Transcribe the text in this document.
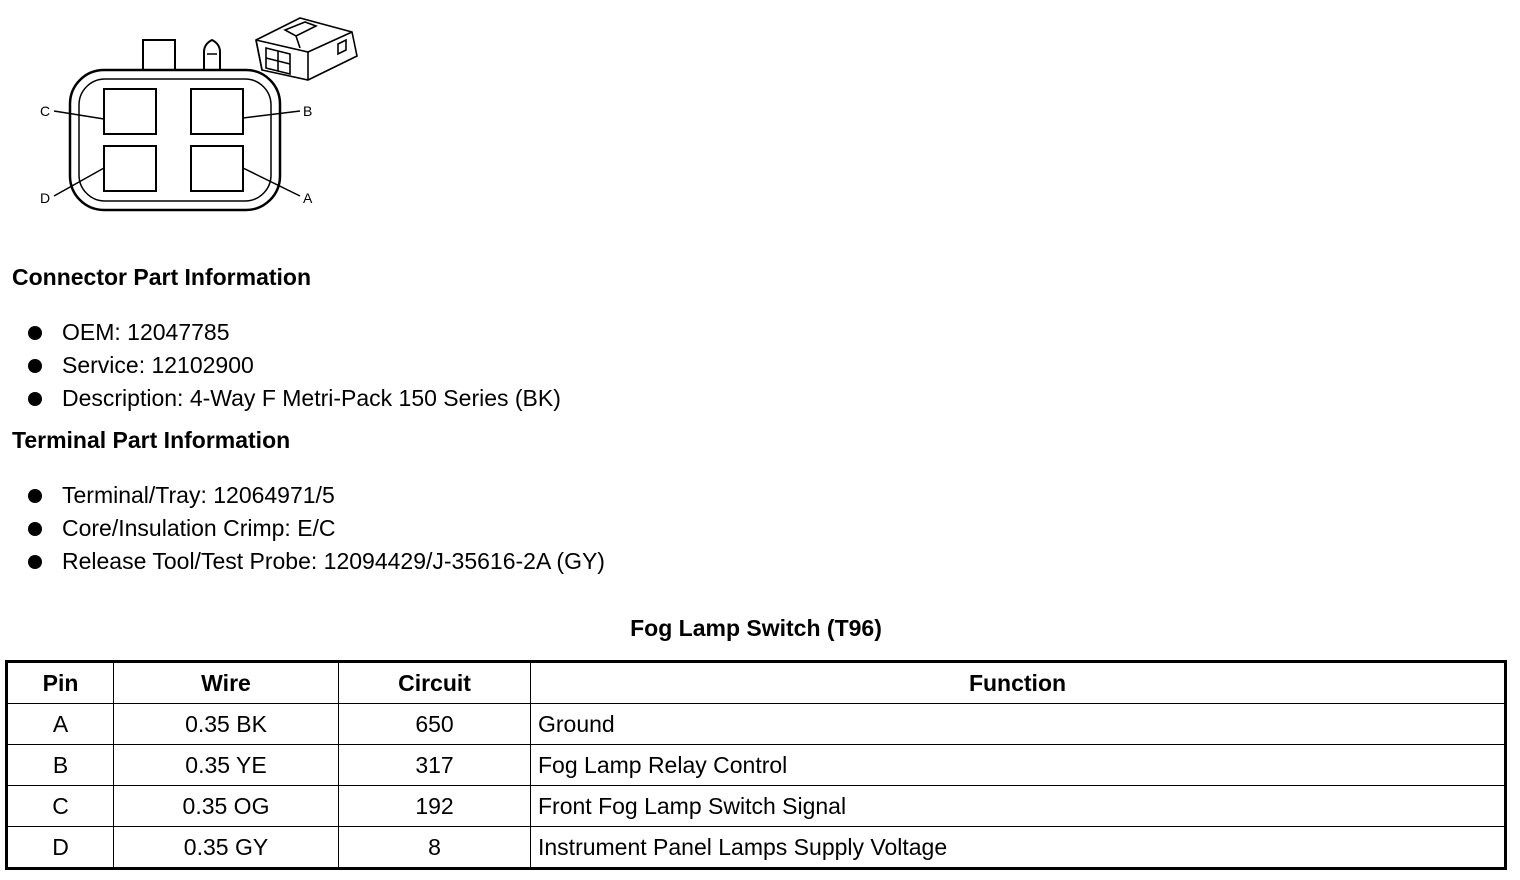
C	B
D	A
Connector Part Information
OEM: 12047785
Service: 12102900
Description: 4-Way F Metri-Pack 150 Series (BK)
Terminal Part Information
Terminal/Tray: 12064971/5
Core/Insulation Crimp: E/C
Release Tool/Test Probe: 12094429/J-35616-2A (GY)
Fog Lamp Switch (T96)
Pin	Wire	Circuit	Function
A	0.35 BK	650	Ground
B	0.35 YE	317	Fog Lamp Relay Control
C	0.35 OG	192	Front Fog Lamp Switch Signal
D	0.35 GY	8	Instrument Panel Lamps Supply Voltage
